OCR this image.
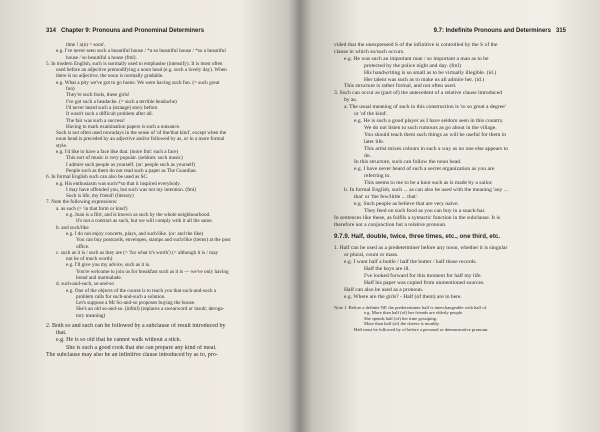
314 Chapter 9: Pronouns and Pronominal Determiners
time ! a(n) = soon'.
e.g. I've never seen such a beautiful house / *a so beautiful house / *so a beautiful
house / so beautiful a house (fml).
5. In modern English, such is normally used to emphasise (intensify). It is most often
used before an adjective premodifying a noun head (e.g. such a lovely day). When
there is no adjective, the noun is normally gradable.
e.g. What a pity we've got to go home. We were having such fun. (= such great
fun)
They're such fools, these girls!
I've got such a headache. (= such a terrible headache)
I'd never heard such a (strange) story before.
It wasn't such a difficult problem after all.
The fair was such a success!
Having to mark examination papers is such a nuisance.
Such is not often used nowadays in the sense of 'of the/that kind', except when the
noun head is preceded by an adjective and/or followed by as, or in a more formal
style.
e.g. I'd like to have a face like that. (more fml: such a face)
This sort of music is very popular. (seldom: such music)
I admire such people as yourself. (or: people such as yourself)
People such as them do not read such a paper as The Guardian.
6. In formal English such can also be used as SC.
e.g. His enthusiasm was such/*so that it inspired everybody.
I may have offended you, but such was not my intention. (fml)
Such is life, my friend! (literary)
7. Note the following expressions:
a. as such (= 'in that form or kind')
e.g. Joan is a flirt, and is known as such by the whole neighbourhood.
It's not a contract as such, but we will comply with it all the same.
b. and such/like
e.g. I do not enjoy concerts, plays, and such/like. (or: and the like)
You can buy postcards, envelopes, stamps and such/like (items) at the post
office.
c. such as it is / such as they are (= 'for what it's worth') (= although it is / may
not be of much worth)
e.g. I'll give you my advice, such as it is.
You're welcome to join us for breakfast such as it is — we've only having
bread and marmalade.
d. such-and-such, so-and-so
e.g. One of the objects of the course is to teach you that such-and-such a
problem calls for such-and-such a solution.
Let's suppose a Mr So-and-so proposes buying the house.
She's an old so-and-so. (infml) (replaces a swearword or insult; deroga-
tory meaning)
2. Both so and such can be followed by a subclause of result introduced by
that.
e.g. He is so old that he cannot walk without a stick.
She is such a good cook that she can prepare any kind of meal.
The subclause may also be an infinitive clause introduced by as to, pro-
9.7: Indefinite Pronouns and Determiners 315
vided that the unexpressed S of the infinitive is controlled by the S of the
clause in which so/such occurs.
e.g. He was such an important man / so important a man as to be
protected by the police night and day. (fml)
His handwriting is so small as to be virtually illegible. (id.)
Her talent was such as to make us all admire her. (id.)
This structure is rather formal, and not often used.
3. Such can occur as (part of) the antecedent of a relative clause introduced
by as.
a. The usual meaning of such in this construction is 'to so great a degree'
or 'of the kind'.
e.g. He is such a good player as I have seldom seen in this country.
We do not listen to such rumours as go about in the village.
You should teach them such things as will be useful for them in
later life.
This artist mixes colours in such a way as no one else appears to
do.
In this structure, such can follow the noun head.
e.g. I have never heard of such a secret organization as you are
referring to.
This seems to me to be a knot such as is made by a sailor.
b. In formal English, such ... as can also be used with the meaning 'any ...
that' or 'the few/little ... that'.
e.g. Such people as believe that are very naive.
They feed on such food as you can buy in a snack-bar.
In sentences like these, as fulfils a syntactic function in the subclause. It is
therefore not a conjunction but a relative pronoun.
9.7.9. Half, double, twice, three times, etc., one third, etc.
1. Half can be used as a predeterminer before any noun, whether it is singular
or plural, count or mass.
e.g. I want half a bottle / half the butter / half those records.
Half the boys are ill.
I've looked forward for this moment for half my life.
Half his paper was copied from unmentioned sources.
Half can also be used as a pronoun.
e.g. Where are the girls? - Half (of them) are in here.
Note 1. Before a definite NP, the predeterminer half is interchangeable with half of.
e.g. More than half (of) her friends are elderly people.
She spends half (of) her time gossiping.
More than half (of) the cheese is mouldy.
Half must be followed by of before a personal or demonstrative pronoun.
